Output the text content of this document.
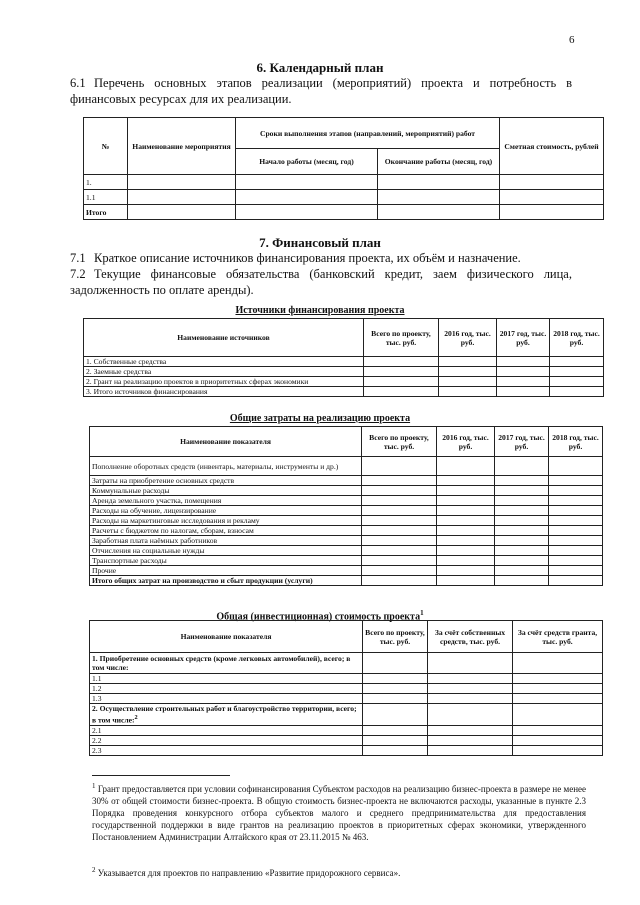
6
6. Календарный план
6.1 Перечень основных этапов реализации (мероприятий) проекта и потребность в финансовых ресурсах для их реализации.
№	Наименование мероприятия	Сроки выполнения этапов (направлений, мероприятий) работ		Сметная стоимость, рублей
		Начало работы (месяц, год)	Окончание работы (месяц, год)	
1.				
1.1				
Итого				
7. Финансовый план
7.1 Краткое описание источников финансирования проекта, их объём и назначение.
7.2 Текущие финансовые обязательства (банковский кредит, заем физического лица, задолженность по оплате аренды).
Источники финансирования проекта
Наименование источников	Всего по проекту, тыс. руб.	2016 год, тыс. руб.	2017 год, тыс. руб.	2018 год, тыс. руб.
1. Собственные средства				
2. Заемные средства				
2. Грант на реализацию проектов в приоритетных сферах экономики				
3. Итого источников финансирования				
Общие затраты на реализацию проекта
Наименование показателя	Всего по проекту, тыс. руб.	2016 год, тыс. руб.	2017 год, тыс. руб.	2018 год, тыс. руб.
Пополнение оборотных средств (инвентарь, материалы, инструменты и др.)				
Затраты на приобретение основных средств				
Коммунальные расходы				
Аренда земельного участка, помещения				
Расходы на обучение, лицензирование				
Расходы на маркетинговые исследования и рекламу				
Расчеты с бюджетом по налогам, сборам, взносам				
Заработная плата наёмных работников				
Отчисления на социальные нужды				
Транспортные расходы				
Прочие				
Итого общих затрат на производство и сбыт продукции (услуги)				
Общая (инвестиционная) стоимость проекта$^1$
Наименование показателя	Всего по проекту, тыс. руб.	За счёт собственных средств, тыс. руб.	За счёт средств гранта, тыс. руб.
1. Приобретение основных средств (кроме легковых автомобилей), всего; в том числе:			
1.1			
1.2			
1.3			
2. Осуществление строительных работ и благоустройство территории, всего; в том числе:$^2$			
2.1			
2.2			
2.3			
$^1$ Грант предоставляется при условии софинансирования Субъектом расходов на реализацию бизнес-проекта в размере не менее 30% от общей стоимости бизнес-проекта. В общую стоимость бизнес-проекта не включаются расходы, указанные в пункте 2.3 Порядка проведения конкурсного отбора субъектов малого и среднего предпринимательства для предоставления государственной поддержки в виде грантов на реализацию проектов в приоритетных сферах экономики, утвержденного Постановлением Администрации Алтайского края от 23.11.2015 № 463.
$^2$ Указывается для проектов по направлению «Развитие придорожного сервиса».
